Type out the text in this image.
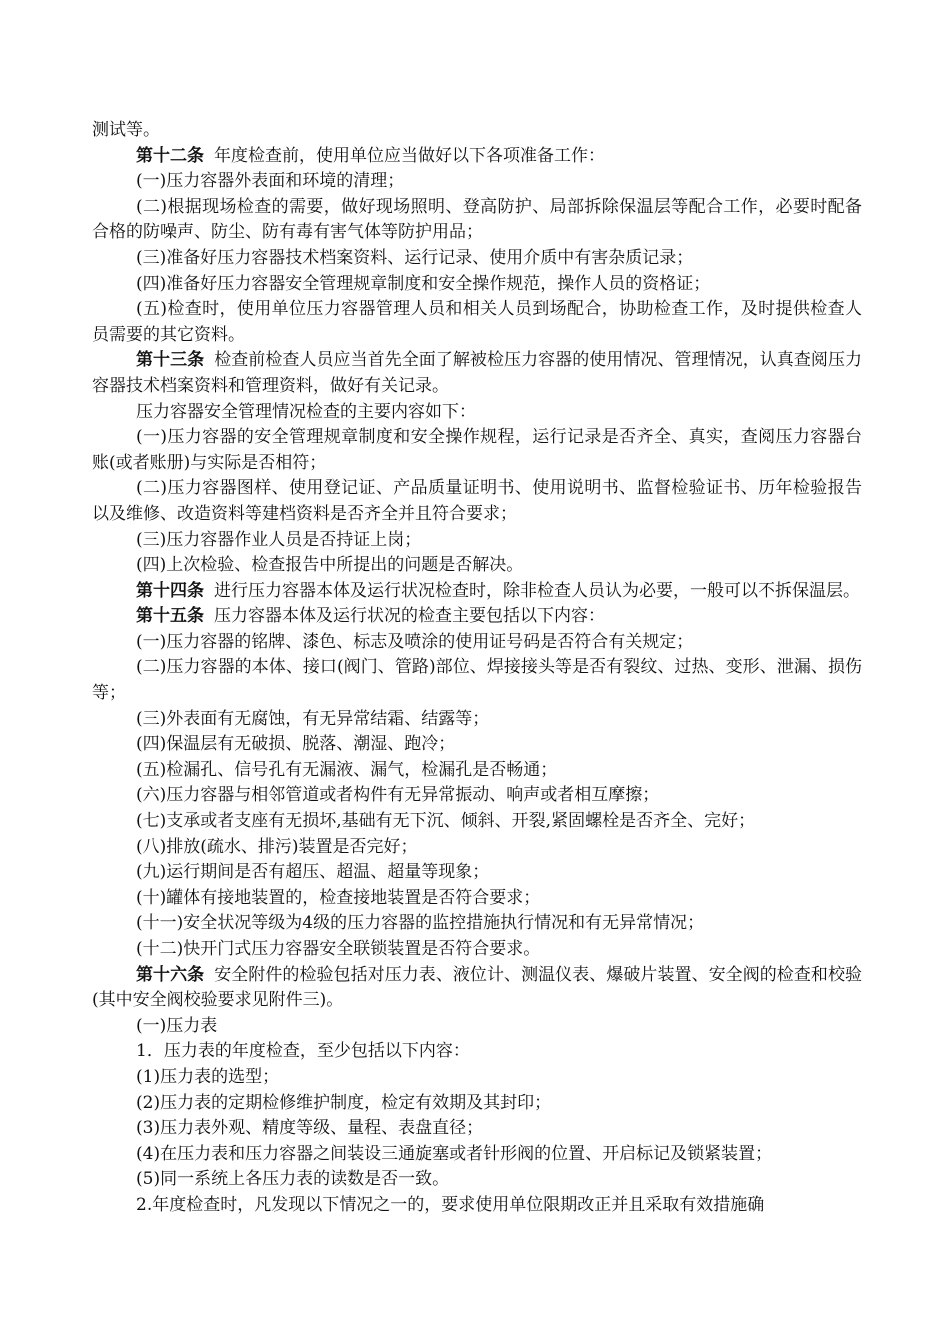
测试等。

第十二条 年度检查前，使用单位应当做好以下各项准备工作：

(一)压力容器外表面和环境的清理；

(二)根据现场检查的需要，做好现场照明、登高防护、局部拆除保温层等配合工作，必要时配备合格的防噪声、防尘、防有毒有害气体等防护用品；

(三)准备好压力容器技术档案资料、运行记录、使用介质中有害杂质记录；

(四)准备好压力容器安全管理规章制度和安全操作规范，操作人员的资格证；

(五)检查时，使用单位压力容器管理人员和相关人员到场配合，协助检查工作，及时提供检查人员需要的其它资料。

第十三条 检查前检查人员应当首先全面了解被检压力容器的使用情况、管理情况，认真查阅压力容器技术档案资料和管理资料，做好有关记录。

压力容器安全管理情况检查的主要内容如下：

(一)压力容器的安全管理规章制度和安全操作规程，运行记录是否齐全、真实，查阅压力容器台账(或者账册)与实际是否相符；

(二)压力容器图样、使用登记证、产品质量证明书、使用说明书、监督检验证书、历年检验报告以及维修、改造资料等建档资料是否齐全并且符合要求；

(三)压力容器作业人员是否持证上岗；

(四)上次检验、检查报告中所提出的问题是否解决。

第十四条 进行压力容器本体及运行状况检查时，除非检查人员认为必要，一般可以不拆保温层。

第十五条 压力容器本体及运行状况的检查主要包括以下内容：

(一)压力容器的铭牌、漆色、标志及喷涂的使用证号码是否符合有关规定；

(二)压力容器的本体、接口(阀门、管路)部位、焊接接头等是否有裂纹、过热、变形、泄漏、损伤等；

(三)外表面有无腐蚀，有无异常结霜、结露等；

(四)保温层有无破损、脱落、潮湿、跑冷；

(五)检漏孔、信号孔有无漏液、漏气，检漏孔是否畅通；

(六)压力容器与相邻管道或者构件有无异常振动、响声或者相互摩擦；

(七)支承或者支座有无损坏,基础有无下沉、倾斜、开裂,紧固螺栓是否齐全、完好；

(八)排放(疏水、排污)装置是否完好；

(九)运行期间是否有超压、超温、超量等现象；

(十)罐体有接地装置的，检查接地装置是否符合要求；

(十一)安全状况等级为4级的压力容器的监控措施执行情况和有无异常情况；

(十二)快开门式压力容器安全联锁装置是否符合要求。

第十六条 安全附件的检验包括对压力表、液位计、测温仪表、爆破片装置、安全阀的检查和校验(其中安全阀校验要求见附件三)。

(一)压力表

1．压力表的年度检查，至少包括以下内容：

(1)压力表的选型；

(2)压力表的定期检修维护制度，检定有效期及其封印；

(3)压力表外观、精度等级、量程、表盘直径；

(4)在压力表和压力容器之间装设三通旋塞或者针形阀的位置、开启标记及锁紧装置；

(5)同一系统上各压力表的读数是否一致。

2.年度检查时，凡发现以下情况之一的，要求使用单位限期改正并且采取有效措施确
